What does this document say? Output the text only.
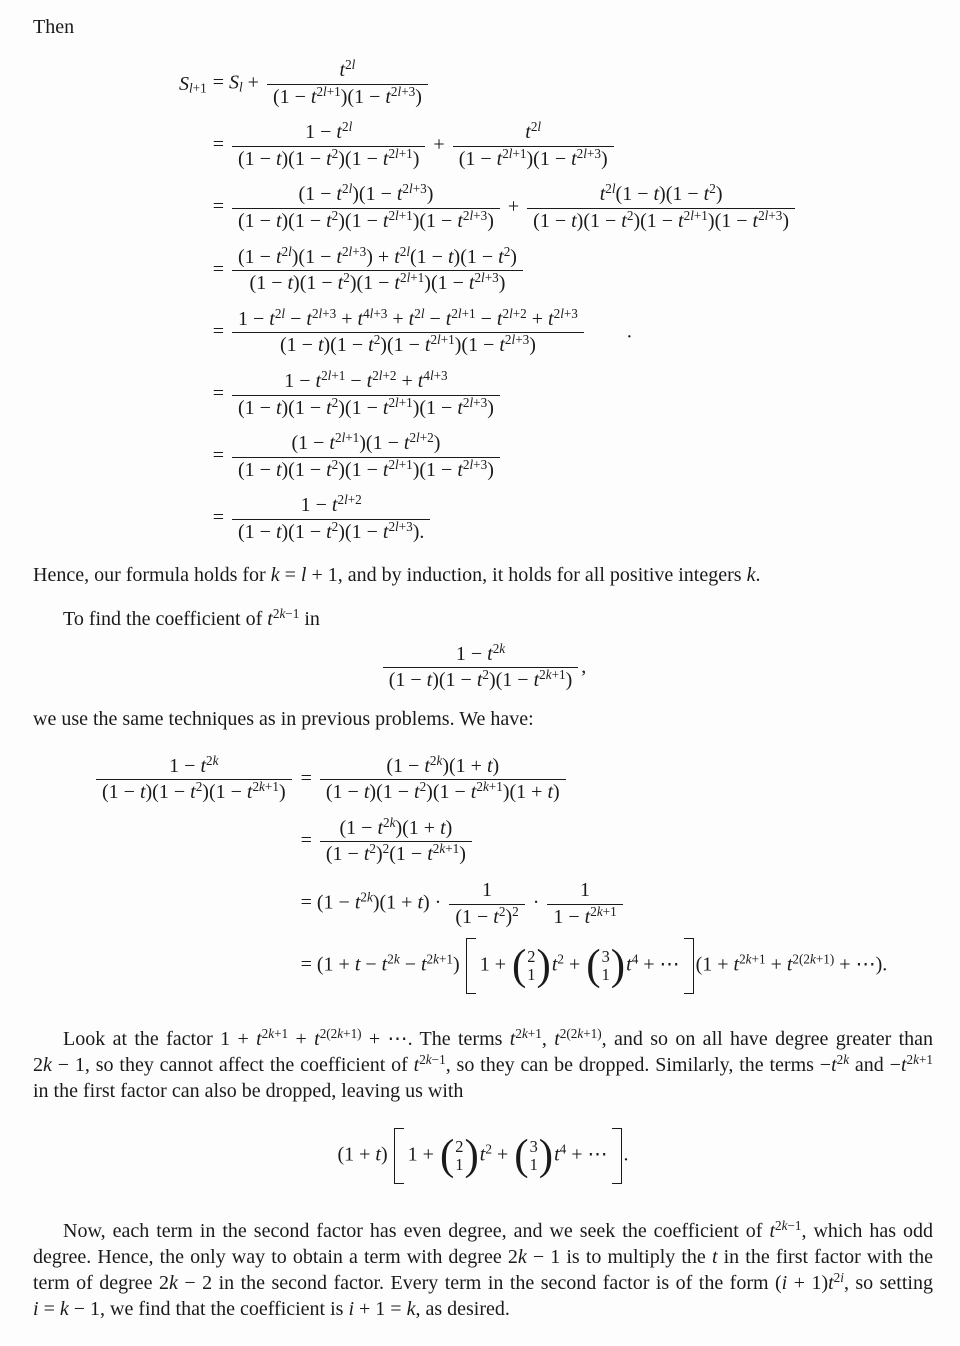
Then

$S_{l+1} = S_l + \frac{t^{2l}}{(1 - t^{2l+1})(1 - t^{2l+3})}$
= $\frac{1 - t^{2l}}{(1 - t)(1 - t^2)(1 - t^{2l+1})} + \frac{t^{2l}}{(1 - t^{2l+1})(1 - t^{2l+3})}$
= $\frac{(1 - t^{2l})(1 - t^{2l+3})}{(1 - t)(1 - t^2)(1 - t^{2l+1})(1 - t^{2l+3})} + \frac{t^{2l}(1 - t)(1 - t^2)}{(1 - t)(1 - t^2)(1 - t^{2l+1})(1 - t^{2l+3})}$
= $\frac{(1 - t^{2l})(1 - t^{2l+3}) + t^{2l}(1 - t)(1 - t^2)}{(1 - t)(1 - t^2)(1 - t^{2l+1})(1 - t^{2l+3})}$
= $\frac{1 - t^{2l} - t^{2l+3} + t^{4l+3} + t^{2l} - t^{2l+1} - t^{2l+2} + t^{2l+3}}{(1 - t)(1 - t^2)(1 - t^{2l+1})(1 - t^{2l+3})}$   .
= $\frac{1 - t^{2l+1} - t^{2l+2} + t^{4l+3}}{(1 - t)(1 - t^2)(1 - t^{2l+1})(1 - t^{2l+3})}$
= $\frac{(1 - t^{2l+1})(1 - t^{2l+2})}{(1 - t)(1 - t^2)(1 - t^{2l+1})(1 - t^{2l+3})}$
= $\frac{1 - t^{2l+2}}{(1 - t)(1 - t^2)(1 - t^{2l+3}).}$

Hence, our formula holds for k = l + 1, and by induction, it holds for all positive integers k.

To find the coefficient of $t^{2k-1}$ in

$\frac{1 - t^{2k}}{(1 - t)(1 - t^2)(1 - t^{2k+1})}$ ,

we use the same techniques as in previous problems. We have:

$\frac{1 - t^{2k}}{(1 - t)(1 - t^2)(1 - t^{2k+1})} = \frac{(1 - t^{2k})(1 + t)}{(1 - t)(1 - t^2)(1 - t^{2k+1})(1 + t)}$
= $\frac{(1 - t^{2k})(1 + t)}{(1 - t^2)^2(1 - t^{2k+1})}$
= $(1 - t^{2k})(1 + t) \cdot \frac{1}{(1 - t^2)^2} \cdot \frac{1}{1 - t^{2k+1}}$
= $(1 + t - t^{2k} - t^{2k+1})$ 1 + ( 2
1 ) $t^2$ + ( 3
1 ) $t^4$ + ⋯ ($1 + t^{2k+1} + t^{2(2k+1)}$ + ⋯).

Look at the factor $1 + t^{2k+1} + t^{2(2k+1)}$ + ⋯. The terms $t^{2k+1}$, $t^{2(2k+1)}$, and so on all have degree greater than 2k − 1, so they cannot affect the coefficient of $t^{2k-1}$, so they can be dropped. Similarly, the terms $-t^{2k}$ and $-t^{2k+1}$ in the first factor can also be dropped, leaving us with

(1 + t) 1 + ( 2
1 ) $t^2$ + ( 3
1 ) $t^4$ + ⋯ .

Now, each term in the second factor has even degree, and we seek the coefficient of $t^{2k-1}$, which has odd degree. Hence, the only way to obtain a term with degree 2k − 1 is to multiply the t in the first factor with the term of degree 2k − 2 in the second factor. Every term in the second factor is of the form $(i + 1)t^{2i}$, so setting i = k − 1, we find that the coefficient is i + 1 = k, as desired.
